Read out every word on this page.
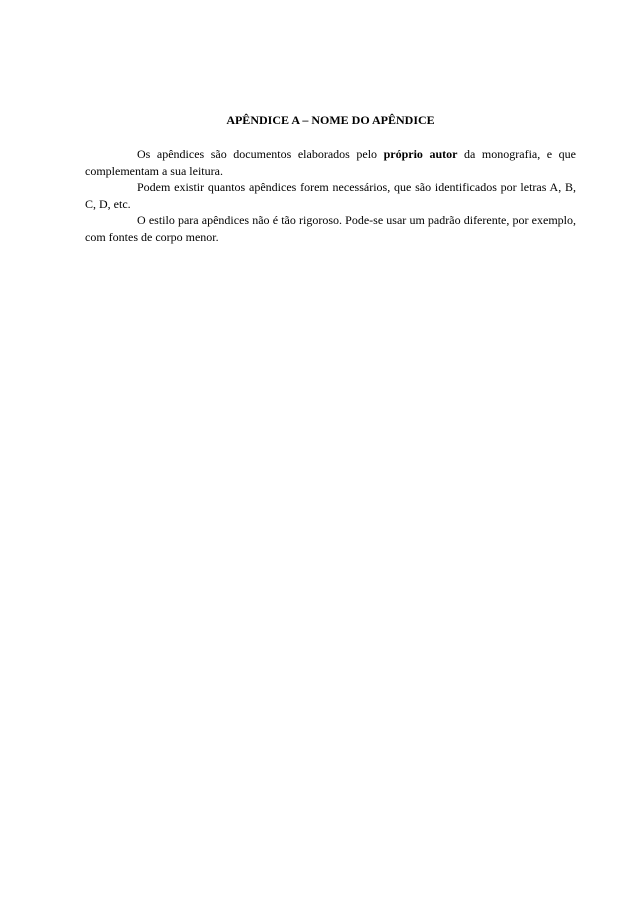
APÊNDICE A – NOME DO APÊNDICE

Os apêndices são documentos elaborados pelo próprio autor da monografia, e que complementam a sua leitura.

Podem existir quantos apêndices forem necessários, que são identificados por letras A, B, C, D, etc.

O estilo para apêndices não é tão rigoroso. Pode-se usar um padrão diferente, por exemplo, com fontes de corpo menor.
